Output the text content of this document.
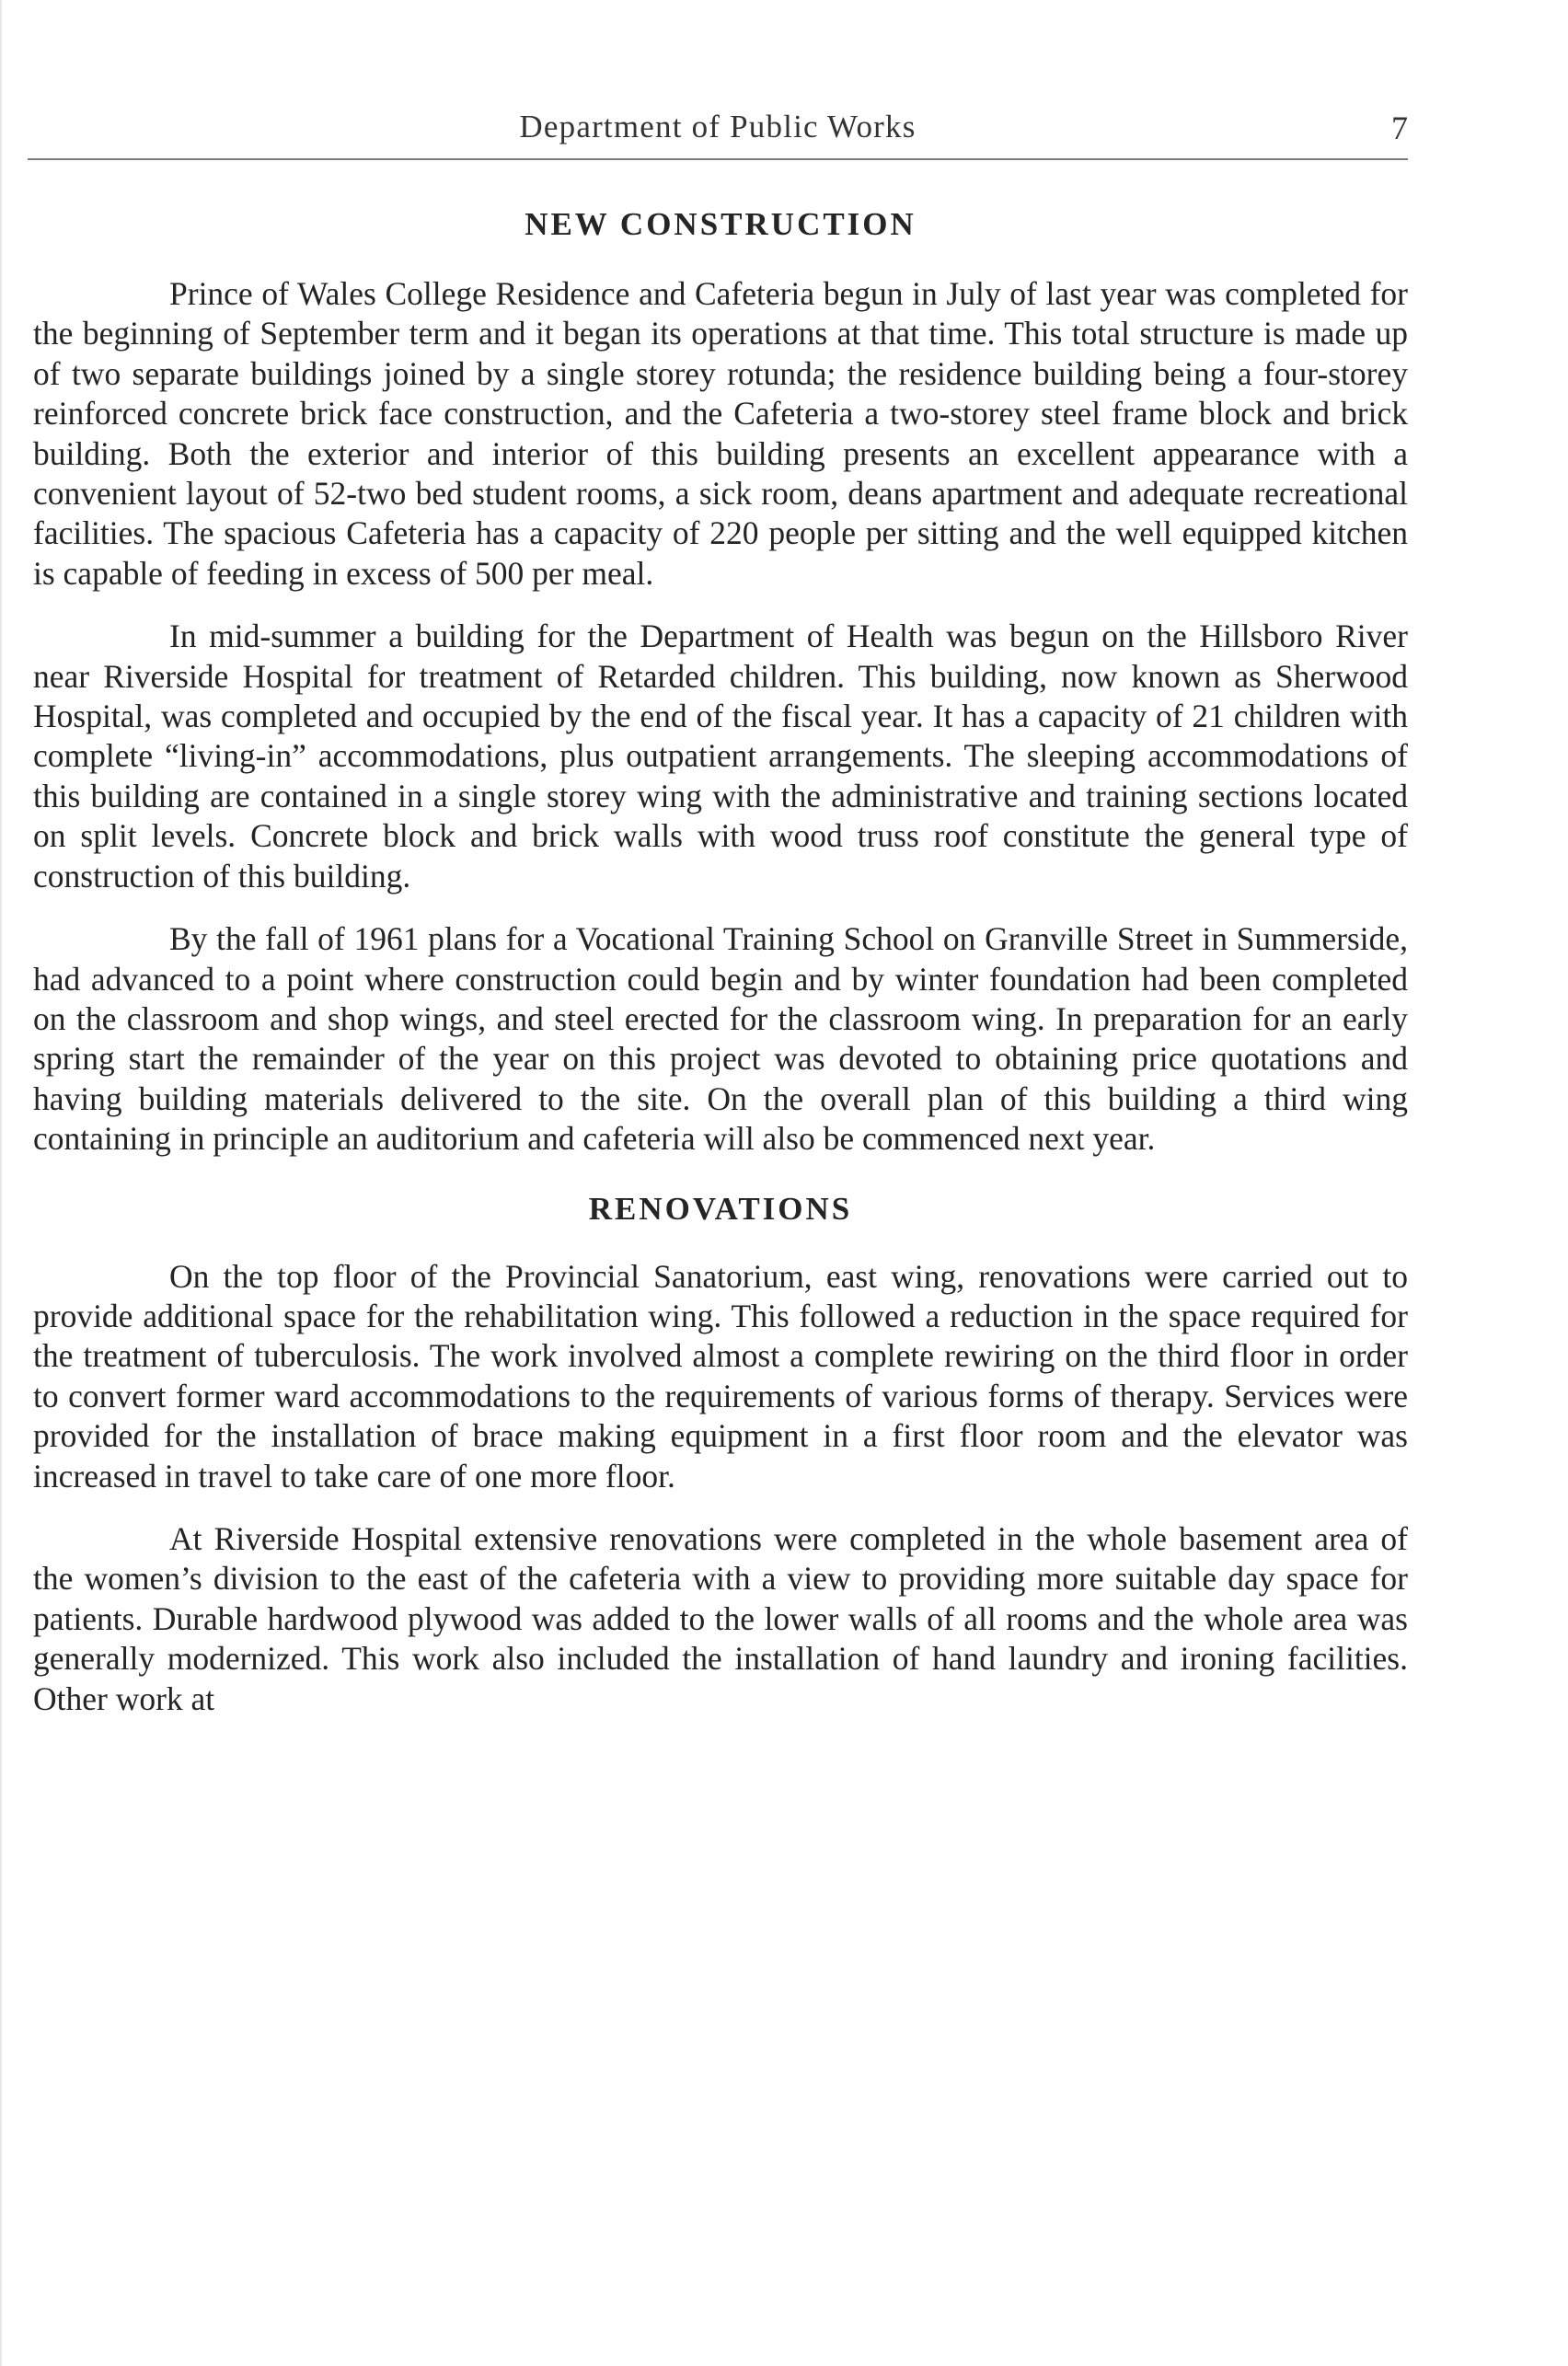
Department of Public Works	7
NEW CONSTRUCTION

Prince of Wales College Residence and Cafeteria begun in July of last year was completed for the beginning of September term and it began its operations at that time. This total structure is made up of two separate buildings joined by a single storey rotunda; the residence building being a four-storey reinforced concrete brick face construction, and the Cafeteria a two-storey steel frame block and brick building. Both the exterior and interior of this building presents an excellent appearance with a convenient layout of 52-two bed student rooms, a sick room, deans apartment and adequate recreational facilities. The spacious Cafeteria has a capacity of 220 people per sitting and the well equipped kitchen is capable of feeding in excess of 500 per meal.

In mid-summer a building for the Department of Health was begun on the Hillsboro River near Riverside Hospital for treatment of Retarded children. This building, now known as Sherwood Hospital, was completed and occupied by the end of the fiscal year. It has a capacity of 21 children with complete “living-in” accommodations, plus outpatient arrangements. The sleeping accommodations of this building are contained in a single storey wing with the administrative and training sections located on split levels. Concrete block and brick walls with wood truss roof constitute the general type of construction of this building.

By the fall of 1961 plans for a Vocational Training School on Granville Street in Summerside, had advanced to a point where construction could begin and by winter foundation had been completed on the classroom and shop wings, and steel erected for the classroom wing. In preparation for an early spring start the remainder of the year on this project was devoted to obtaining price quotations and having building materials delivered to the site. On the overall plan of this building a third wing containing in principle an auditorium and cafeteria will also be commenced next year.

RENOVATIONS

On the top floor of the Provincial Sanatorium, east wing, renovations were carried out to provide additional space for the rehabilitation wing. This followed a reduction in the space required for the treatment of tuberculosis. The work involved almost a complete rewiring on the third floor in order to convert former ward accommodations to the requirements of various forms of therapy. Services were provided for the installation of brace making equipment in a first floor room and the elevator was increased in travel to take care of one more floor.

At Riverside Hospital extensive renovations were completed in the whole basement area of the women’s division to the east of the cafeteria with a view to providing more suitable day space for patients. Durable hardwood plywood was added to the lower walls of all rooms and the whole area was generally modernized. This work also included the installation of hand laundry and ironing facilities. Other work at
